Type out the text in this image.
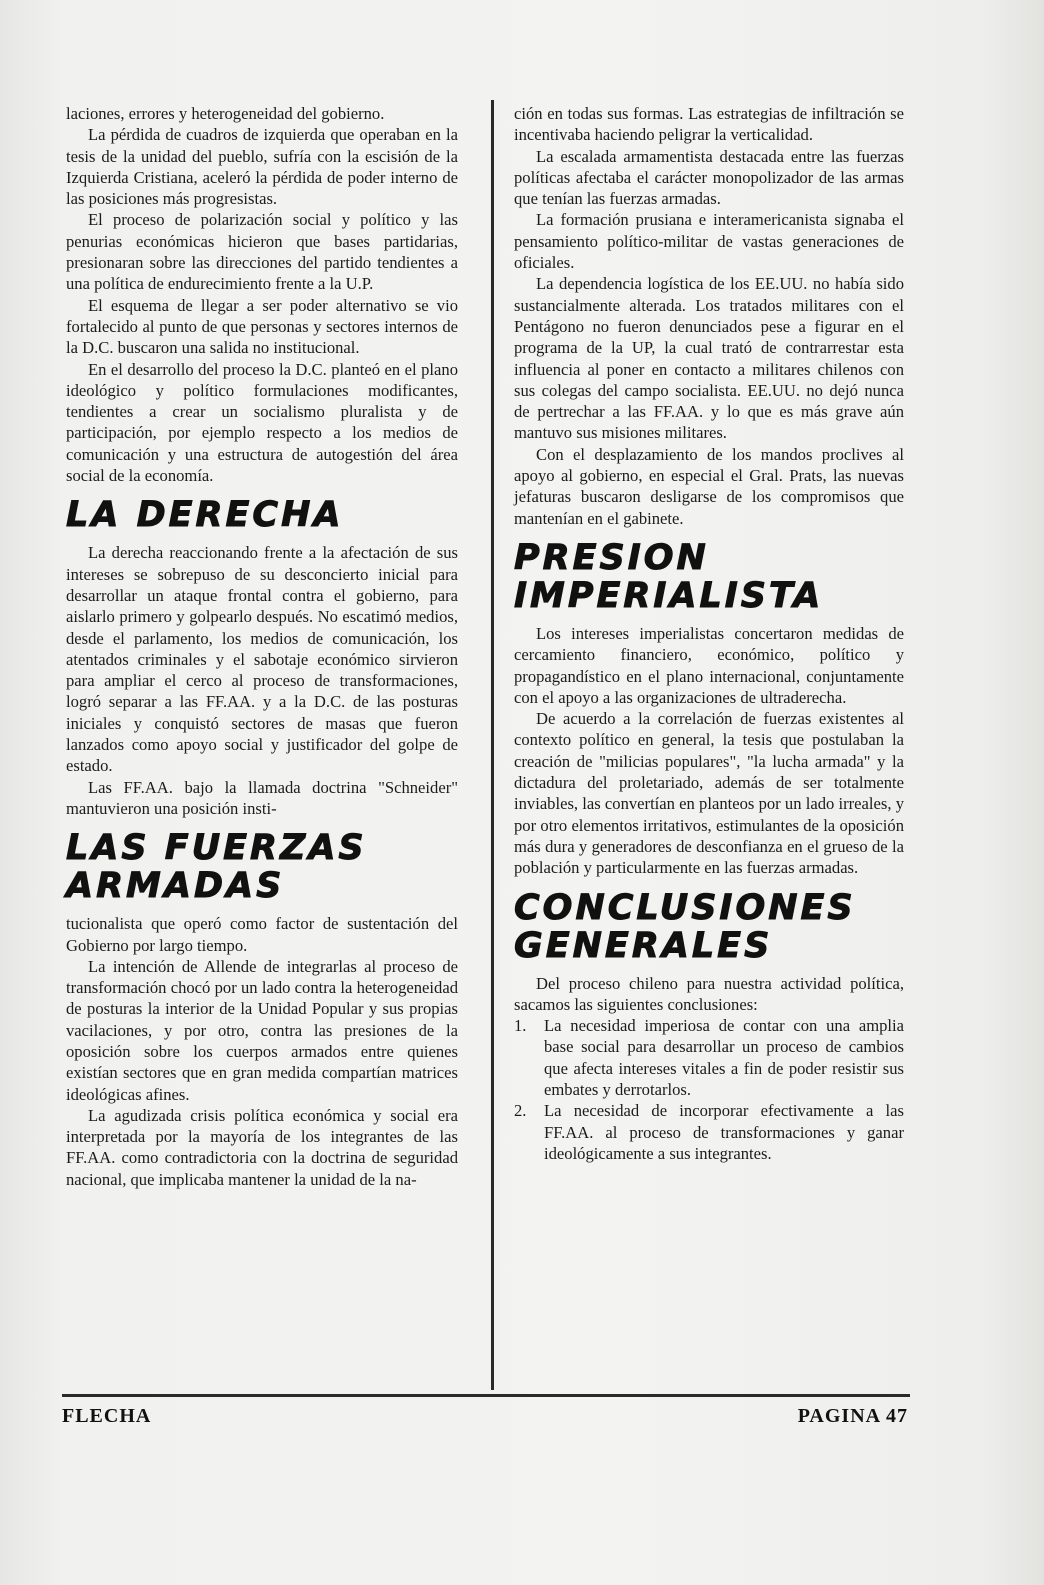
laciones, errores y heterogeneidad del gobierno.

La pérdida de cuadros de izquierda que operaban en la tesis de la unidad del pueblo, sufría con la escisión de la Izquierda Cristiana, aceleró la pérdida de poder interno de las posiciones más progresistas.

El proceso de polarización social y político y las penurias económicas hicieron que bases partidarias, presionaran sobre las direcciones del partido tendientes a una política de endurecimiento frente a la U.P.

El esquema de llegar a ser poder alternativo se vio fortalecido al punto de que personas y sectores internos de la D.C. buscaron una salida no institucional.

En el desarrollo del proceso la D.C. planteó en el plano ideológico y político formulaciones modificantes, tendientes a crear un socialismo pluralista y de participación, por ejemplo respecto a los medios de comunicación y una estructura de autogestión del área social de la economía.

LA DERECHA

La derecha reaccionando frente a la afectación de sus intereses se sobrepuso de su desconcierto inicial para desarrollar un ataque frontal contra el gobierno, para aislarlo primero y golpearlo después. No escatimó medios, desde el parlamento, los medios de comunicación, los atentados criminales y el sabotaje económico sirvieron para ampliar el cerco al proceso de transformaciones, logró separar a las FF.AA. y a la D.C. de las posturas iniciales y conquistó sectores de masas que fueron lanzados como apoyo social y justificador del golpe de estado.

Las FF.AA. bajo la llamada doctrina "Schneider" mantuvieron una posición insti-

LAS FUERZAS
ARMADAS

tucionalista que operó como factor de sustentación del Gobierno por largo tiempo.

La intención de Allende de integrarlas al proceso de transformación chocó por un lado contra la heterogeneidad de posturas la interior de la Unidad Popular y sus propias vacilaciones, y por otro, contra las presiones de la oposición sobre los cuerpos armados entre quienes existían sectores que en gran medida compartían matrices ideológicas afines.

La agudizada crisis política económica y social era interpretada por la mayoría de los integrantes de las FF.AA. como contradictoria con la doctrina de seguridad nacional, que implicaba mantener la unidad de la na-

ción en todas sus formas. Las estrategias de infiltración se incentivaba haciendo peligrar la verticalidad.

La escalada armamentista destacada entre las fuerzas políticas afectaba el carácter monopolizador de las armas que tenían las fuerzas armadas.

La formación prusiana e interamericanista signaba el pensamiento político-militar de vastas generaciones de oficiales.

La dependencia logística de los EE.UU. no había sido sustancialmente alterada. Los tratados militares con el Pentágono no fueron denunciados pese a figurar en el programa de la UP, la cual trató de contrarrestar esta influencia al poner en contacto a militares chilenos con sus colegas del campo socialista. EE.UU. no dejó nunca de pertrechar a las FF.AA. y lo que es más grave aún mantuvo sus misiones militares.

Con el desplazamiento de los mandos proclives al apoyo al gobierno, en especial el Gral. Prats, las nuevas jefaturas buscaron desligarse de los compromisos que mantenían en el gabinete.

PRESION
IMPERIALISTA

Los intereses imperialistas concertaron medidas de cercamiento financiero, económico, político y propagandístico en el plano internacional, conjuntamente con el apoyo a las organizaciones de ultraderecha.

De acuerdo a la correlación de fuerzas existentes al contexto político en general, la tesis que postulaban la creación de "milicias populares", "la lucha armada" y la dictadura del proletariado, además de ser totalmente inviables, las convertían en planteos por un lado irreales, y por otro elementos irritativos, estimulantes de la oposición más dura y generadores de desconfianza en el grueso de la población y particularmente en las fuerzas armadas.

CONCLUSIONES
GENERALES

Del proceso chileno para nuestra actividad política, sacamos las siguientes conclusiones:

1.	La necesidad imperiosa de contar con una amplia base social para desarrollar un proceso de cambios que afecta intereses vitales a fin de poder resistir sus embates y derrotarlos.
2.	La necesidad de incorporar efectivamente a las FF.AA. al proceso de transformaciones y ganar ideológicamente a sus integrantes.
FLECHA	PAGINA 47
